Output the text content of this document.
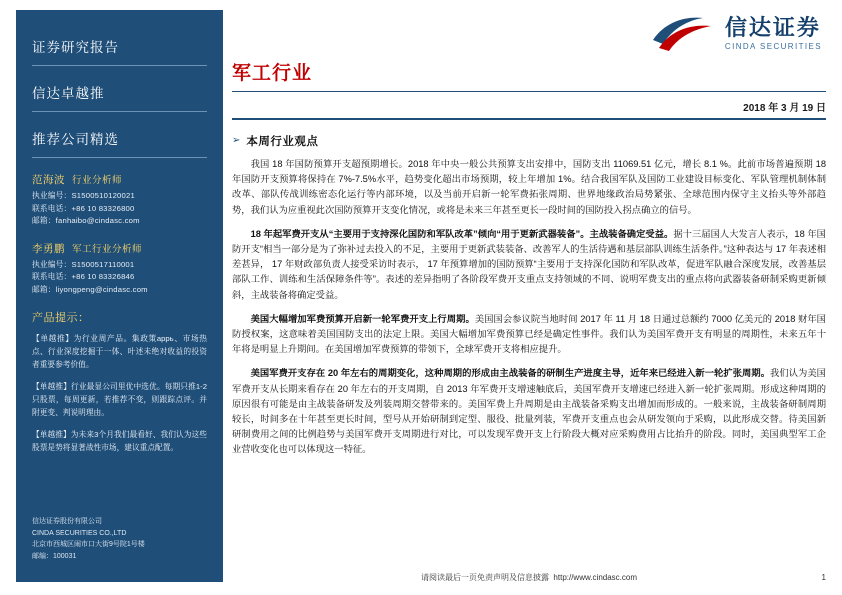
证券研究报告
信达卓越推
推荐公司精选
范海波 行业分析师
执业编号：S1500510120021
联系电话：+86 10 83326800
邮箱：fanhaibo@cindasc.com
李勇鹏 军工行业分析师
执业编号：S1500517110001
联系电话：+86 10 83326846
邮箱：liyongpeng@cindasc.com
产品提示：
【单越推】为行业周产品。集政策аррь、市场热点、行业深度挖掘于一体、叶述未绝对收益的投资者重要参考价值。
【单越推】行业最显公司里优中选优。每期只推1-2只股票，每周更新，若推荐不变，则跟踪点评。并附更变、判说明理由。
【单越推】为未来3个月我们最看好、我们认为这些股票是势将显著战性市场，建议重点配置。
信达证券股份有限公司
CINDA SECURITIES CO.,LTD
北京市西城区闹市口大街9号院1号楼
邮编：100031
信达证券
CINDA SECURITIES
军工行业
2018 年 3 月 19 日
➢ 本周行业观点

我国 18 年国防预算开支超预期增长。2018 年中央一般公共预算支出安排中，国防支出 11069.51 亿元，增长 8.1 %。此前市场普遍预期 18 年国防开支预算将保持在 7%-7.5%水平，趋势变化超出市场预期，较上年增加 1%。结合我国军队及国防工业建设目标变化、军队管理机制体制改革、部队传战训练密态化运行等内部环境，以及当前开启新一轮军费拓张周期、世界地缘政治局势紧张、全球范围内保守主义抬头等外部趋势，我们认为应重视此次国防预算开支变化情况，或将是未来三年甚至更长一段时间的国防投入拐点确立的信号。

18 年起军费开支从“主要用于支持深化国防和军队改革”倾向“用于更新武器装备”。主战装备确定受益。据十三届国人大发言人表示，18 年国防开支“相当一部分是为了弥补过去投入的不足，主要用于更新武装装备、改善军人的生活待遇和基层部队训练生活条件。”这种表达与 17 年表述相差甚异， 17 年财政部负责人接受采访时表示， 17 年预算增加的国防预算“主要用于支持深化国防和军队改革，促进军队融合深度发展，改善基层部队工作、训练和生活保障条件等”。表述的差异指明了各阶段军费开支重点支持领域的不同、说明军费支出的重点将向武器装备研制采购更新倾斜，主战装备将确定受益。

美国大幅增加军费预算开启新一轮军费开支上行周期。美国国会参议院当地时间 2017 年 11 月 18 日通过总额约 7000 亿美元的 2018 财年国防授权案，这意味着美国国防支出的法定上限。美国大幅增加军费预算已经是确定性事件。我们认为美国军费开支有明显的周期性，未来五年十年将是明显上升期间。在美国增加军费预算的带领下，全球军费开支将相应提升。

美国军费开支存在 20 年左右的周期变化，这种周期的形成由主战装备的研制生产进度主导，近年来已经进入新一轮扩张周期。我们认为美国军费开支从长期来看存在 20 年左右的开支周期，自 2013 年军费开支增速触底后，美国军费开支增速已经进入新一轮扩张周期。形成这种周期的原因很有可能是由主战装备研发及列装周期交替带来的。美国军费上升周期是由主战装备采购支出增加而形成的。一般来说，主战装备研制周期较长，时间多在十年甚至更长时间，型号从开始研制到定型、服役、批量列装，军费开支重点也会从研发领向于采购，以此形成交替。待美国新研制费用之间的比例趋势与美国军费开支周期进行对比，可以发现军费开支上行阶段大概对应采购费用占比抬升的阶段。同时，美国典型军工企业营收变化也可以体现这一特征。

请阅读最后一页免责声明及信息披露
http://www.cindasc.com	1
